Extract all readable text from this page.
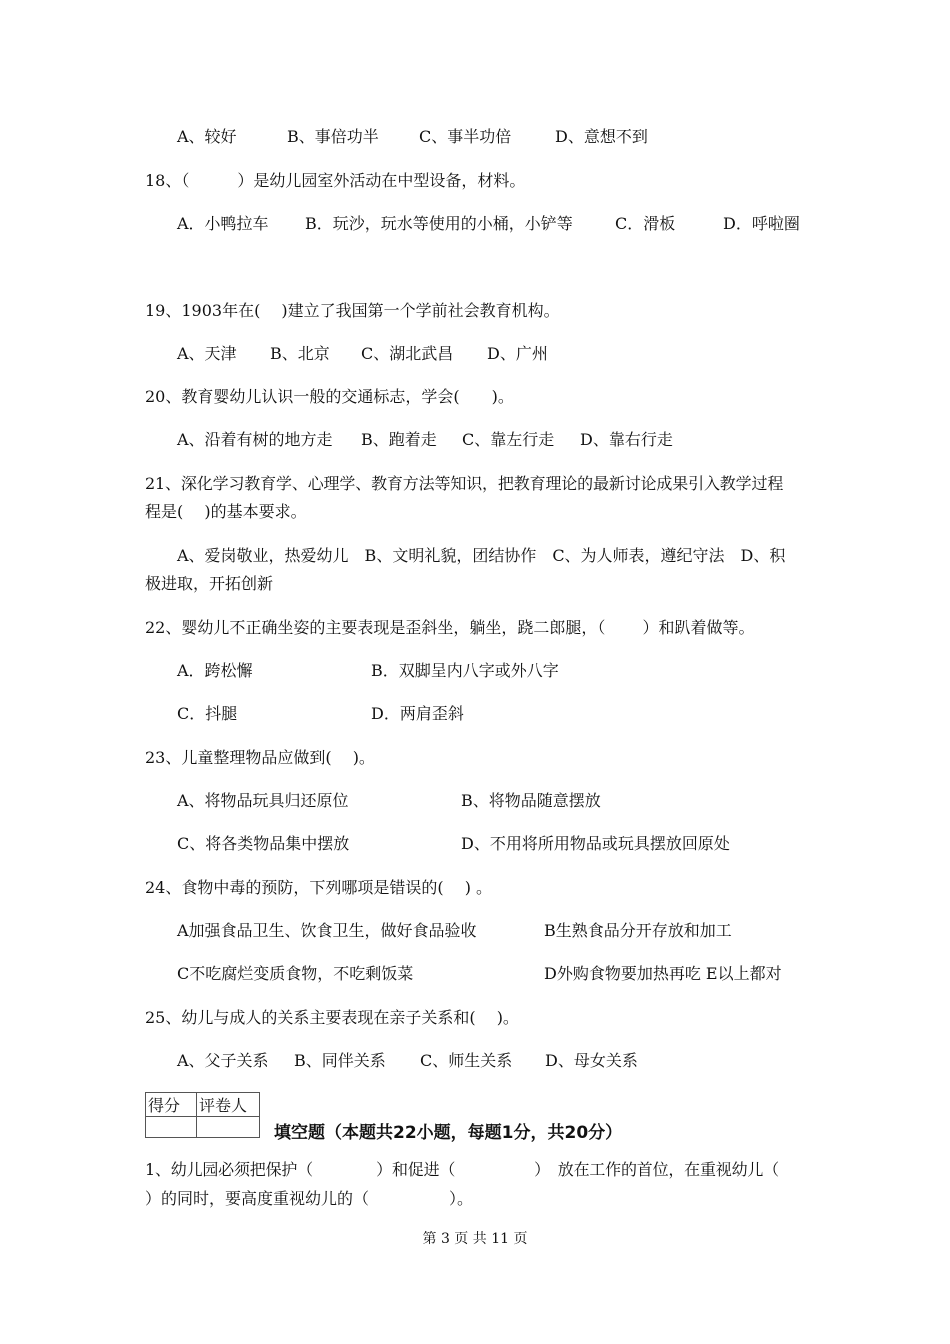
A、较好	B、事倍功半	C、事半功倍	D、意想不到
18、（　　　）是幼儿园室外活动在中型设备，材料。
A．小鸭拉车 B．玩沙，玩水等使用的小桶，小铲等	C．滑板	D．呼啦圈
19、1903年在(　 )建立了我国第一个学前社会教育机构。
A、天津 B、北京 C、湖北武昌 D、广州
20、教育婴幼儿认识一般的交通标志，学会(　　)。
A、沿着有树的地方走 B、跑着走 C、靠左行走 D、靠右行走
21、深化学习教育学、心理学、教育方法等知识，把教育理论的最新讨论成果引入教学过程
程是(　 )的基本要求。
A、爱岗敬业，热爱幼儿　B、文明礼貌，团结协作　C、为人师表，遵纪守法　D、积
极进取，开拓创新
22、婴幼儿不正确坐姿的主要表现是歪斜坐，躺坐，跷二郎腿，（　　 ）和趴着做等。
A．跨松懈	B．双脚呈内八字或外八字
C．抖腿	D．两肩歪斜
23、儿童整理物品应做到(　 )。
A、将物品玩具归还原位	B、将物品随意摆放
C、将各类物品集中摆放	D、不用将所用物品或玩具摆放回原处
24、食物中毒的预防，下列哪项是错误的(　 ) 。
A加强食品卫生、饮食卫生，做好食品验收	B生熟食品分开存放和加工
C不吃腐烂变质食物，不吃剩饭菜	D外购食物要加热再吃 E以上都对
25、幼儿与成人的关系主要表现在亲子关系和(　 )。
A、父子关系 B、同伴关系 C、师生关系 D、母女关系
得分	评卷人

填空题（本题共22小题，每题1分，共20分）
1、幼儿园必须把保护（　　　　）和促进（　　　　　）　放在工作的首位，在重视幼儿（
）的同时，要高度重视幼儿的（　　　　　）。
第 3 页 共 11 页
